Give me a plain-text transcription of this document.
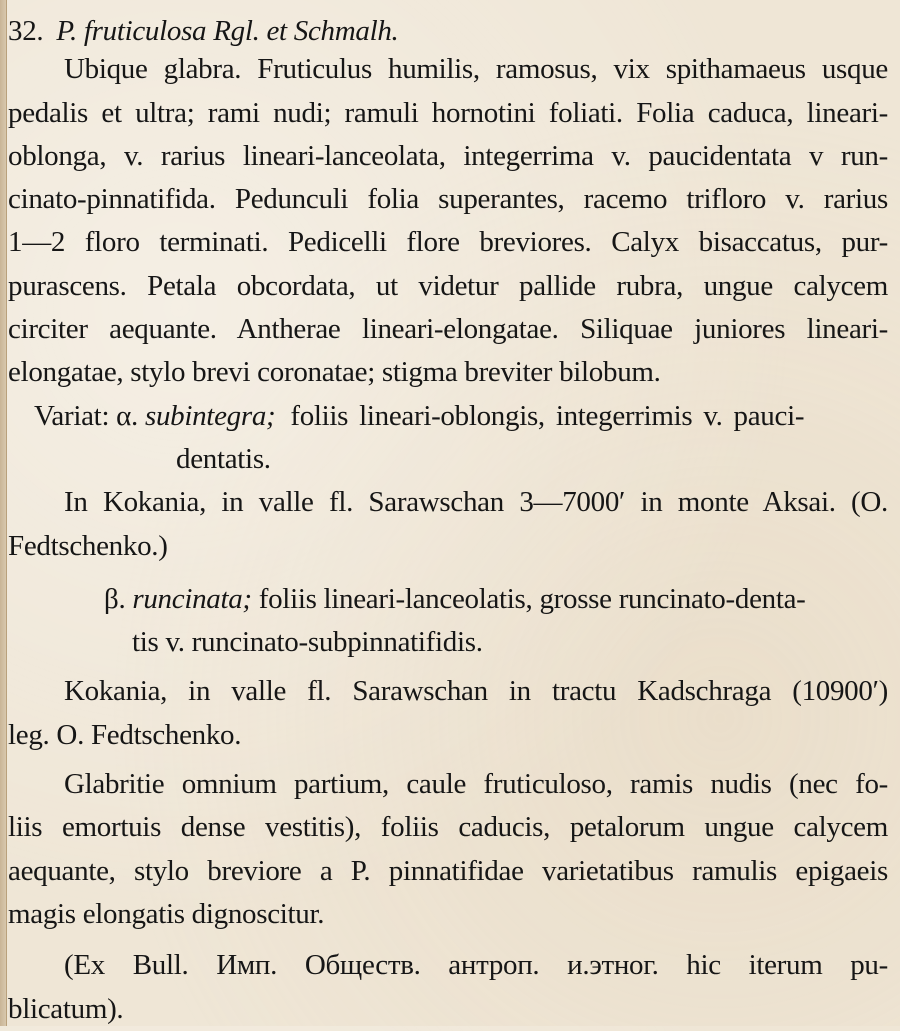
32. P. fruticulosa Rgl. et Schmalh.
Ubique glabra. Fruticulus humilis, ramosus, vix spithamaeus usque
pedalis et ultra; rami nudi; ramuli hornotini foliati. Folia caduca, lineari-
oblonga, v. rarius lineari-lanceolata, integerrima v. paucidentata v run-
cinato-pinnatifida. Pedunculi folia superantes, racemo trifloro v. rarius
1—2 floro terminati. Pedicelli flore breviores. Calyx bisaccatus, pur-
purascens. Petala obcordata, ut videtur pallide rubra, ungue calycem
circiter aequante. Antherae lineari-elongatae. Siliquae juniores lineari-
elongatae, stylo brevi coronatae; stigma breviter bilobum.
Variat: α. subintegra; foliis lineari-oblongis, integerrimis v. pauci-
dentatis.
In Kokania, in valle fl. Sarawschan 3—7000′ in monte Aksai. (O.
Fedtschenko.)
β. runcinata; foliis lineari-lanceolatis, grosse runcinato-denta-
tis v. runcinato-subpinnatifidis.
Kokania, in valle fl. Sarawschan in tractu Kadschraga (10900′)
leg. O. Fedtschenko.
Glabritie omnium partium, caule fruticuloso, ramis nudis (nec fo-
liis emortuis dense vestitis), foliis caducis, petalorum ungue calycem
aequante, stylo breviore a P. pinnatifidae varietatibus ramulis epigaeis
magis elongatis dignoscitur.
(Ex Bull. Имп. Обществ. антроп. и.этног. hic iterum pu-
blicatum).
